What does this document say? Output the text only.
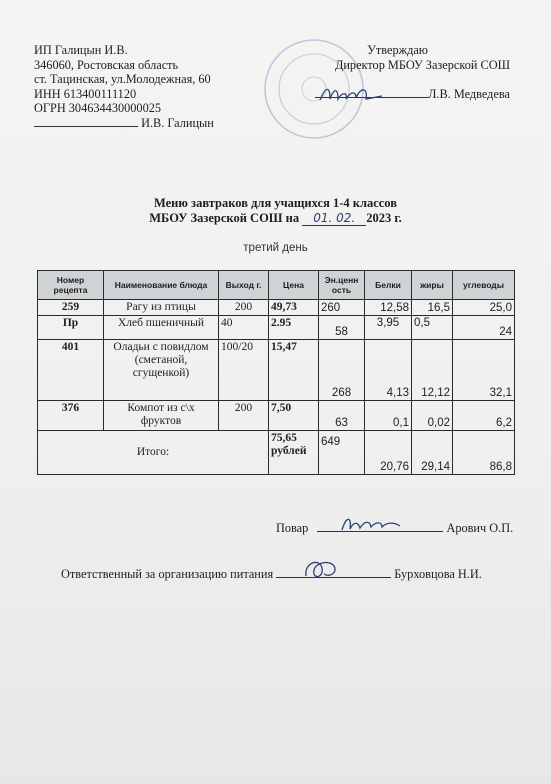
ИП Галицын И.В.
346060, Ростовская область
ст. Тацинская, ул.Молодежная, 60
ИНН 613400111120
ОГРН 304634430000025
И.В. Галицын
Утверждаю
Директор МБОУ Зазерской СОШ
Л.В. Медведева
Меню завтраков для учащихся 1-4 классов
МБОУ Зазерской СОШ на 01. 02. 2023 г.
третий день
Номер рецепта	Наименование блюда	Выход г.	Цена	Эн.ценн ость	Белки	жиры	углеводы
259	Рагу из птицы	200	49,73	260	12,58	16,5	25,0
Пр	Хлеб пшеничный	40	2.95	58	3,95	0,5	24
401	Оладьи с повидлом (сметаной, сгущенкой)	100/20	15,47	268	4,13	12,12	32,1
376	Компот из с\х фруктов	200	7,50	63	0,1	0,02	6,2
Итого:			75,65 рублей	649	20,76	29,14	86,8
Повар	Арович О.П.
Ответственный за организацию питания	Бурховцова Н.И.
